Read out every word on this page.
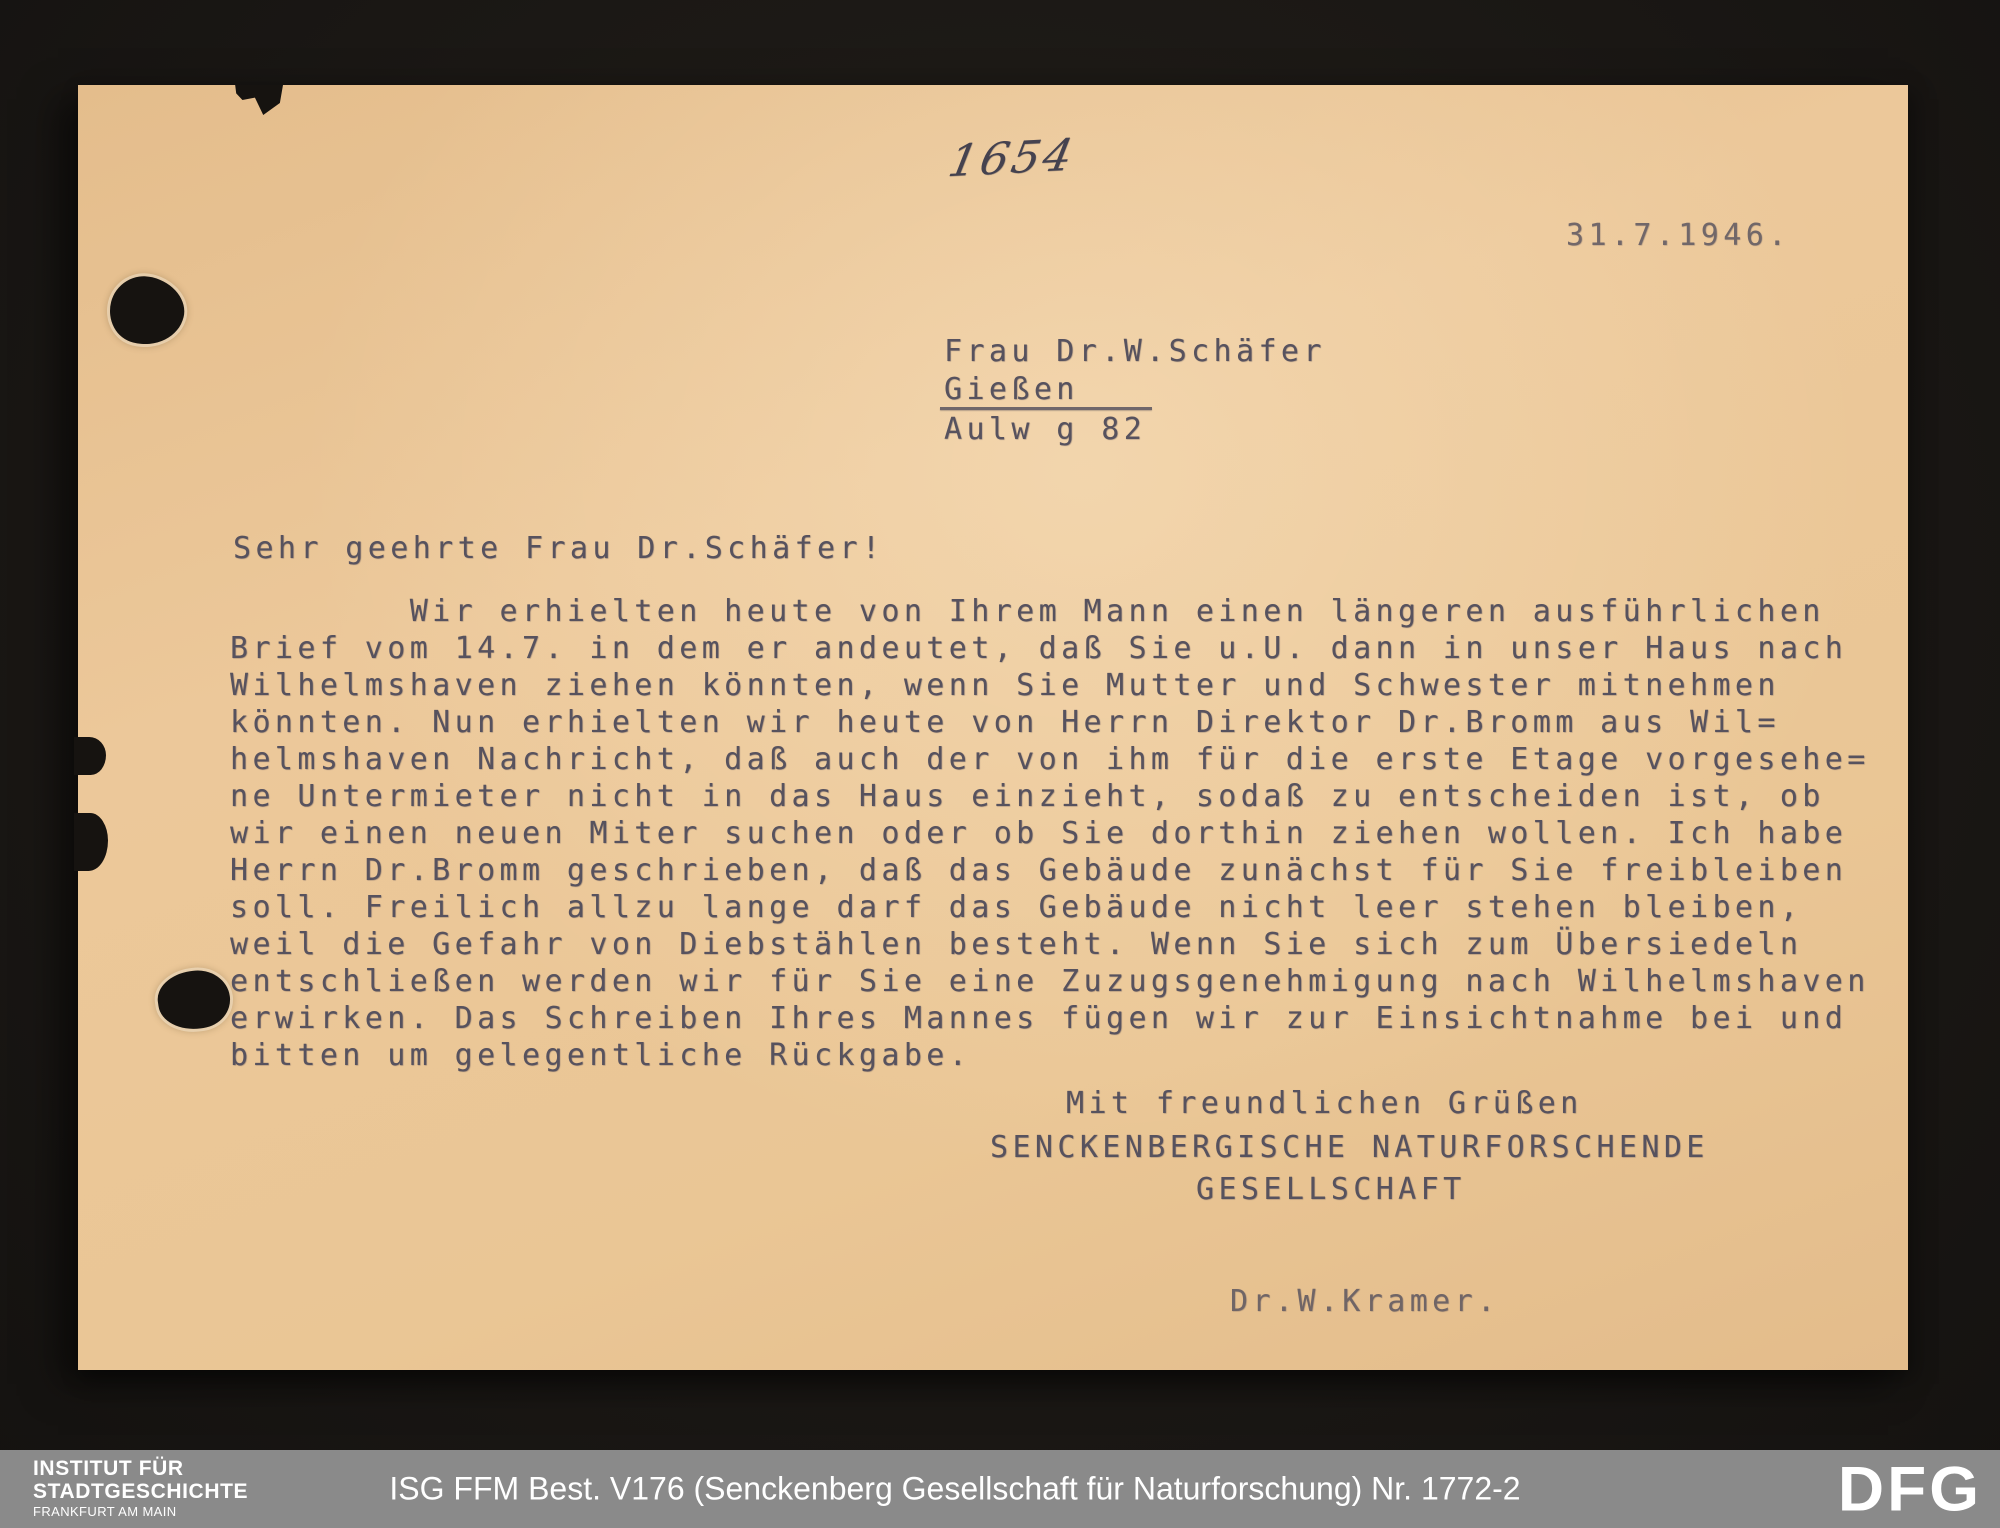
1654
31.7.1946.
Frau Dr.W.Schäfer
Gießen
Aulw g 82
Sehr geehrte Frau Dr.Schäfer!
Wir erhielten heute von Ihrem Mann einen längeren ausführlichen
Brief vom 14.7. in dem er andeutet, daß Sie u.U. dann in unser Haus nach
Wilhelmshaven ziehen könnten, wenn Sie Mutter und Schwester mitnehmen
könnten. Nun erhielten wir heute von Herrn Direktor Dr.Bromm aus Wil=
helmshaven Nachricht, daß auch der von ihm für die erste Etage vorgesehe=
ne Untermieter nicht in das Haus einzieht, sodaß zu entscheiden ist, ob
wir einen neuen Miter suchen oder ob Sie dorthin ziehen wollen. Ich habe
Herrn Dr.Bromm geschrieben, daß das Gebäude zunächst für Sie freibleiben
soll. Freilich allzu lange darf das Gebäude nicht leer stehen bleiben,
weil die Gefahr von Diebstählen besteht. Wenn Sie sich zum Übersiedeln
entschließen werden wir für Sie eine Zuzugsgenehmigung nach Wilhelmshaven
erwirken. Das Schreiben Ihres Mannes fügen wir zur Einsichtnahme bei und
bitten um gelegentliche Rückgabe.
Mit freundlichen Grüßen
SENCKENBERGISCHE NATURFORSCHENDE
GESELLSCHAFT
Dr.W.Kramer.
INSTITUT FÜR
STADTGESCHICHTE
FRANKFURT AM MAIN
ISG FFM Best. V176 (Senckenberg Gesellschaft für Naturforschung) Nr. 1772-2	DFG
